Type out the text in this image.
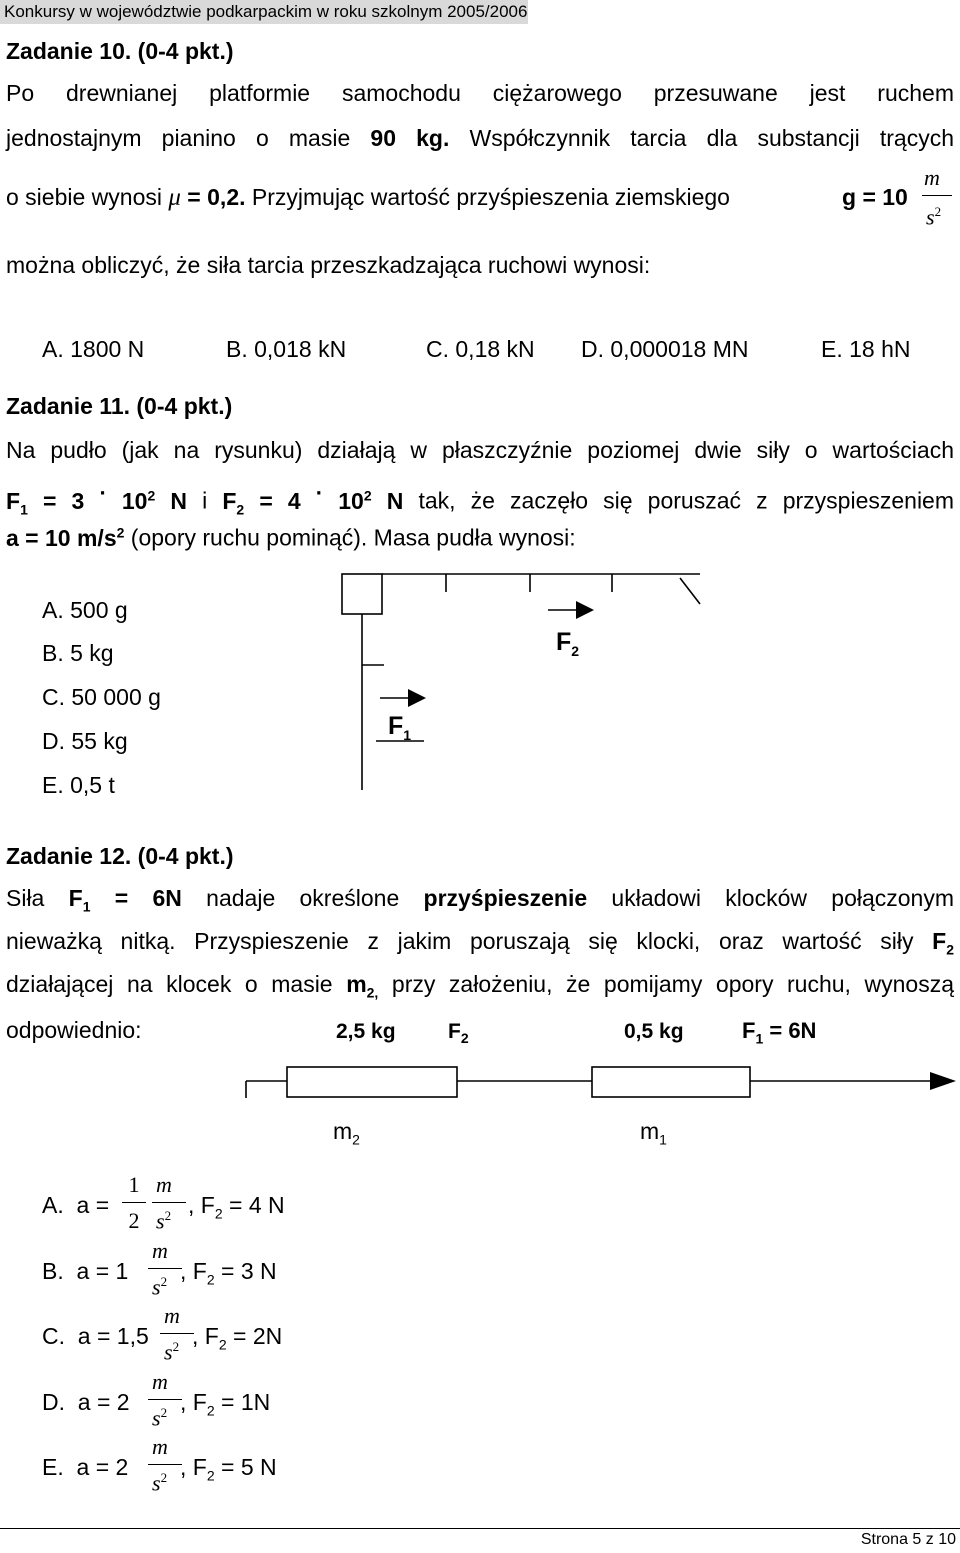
Konkursy w województwie podkarpackim w roku szkolnym 2005/2006
Zadanie 10. (0-4 pkt.)
Po drewnianej platformie samochodu ciężarowego przesuwane jest ruchem
jednostajnym pianino o masie 90 kg. Współczynnik tarcia dla substancji trących
o siebie wynosi μ = 0,2. Przyjmując wartość przyśpieszenia ziemskiego	g = 10
m
$s^2$
można obliczyć, że siła tarcia przeszkadzająca ruchowi wynosi:
A. 1800 N	B. 0,018 kN	C. 0,18 kN D. 0,000018 MN	E. 18 hN
Zadanie 11. (0-4 pkt.)
Na pudło (jak na rysunku) działają w płaszczyźnie poziomej dwie siły o wartościach
$F_1 = 3$ · $10^2$ N i $F_2 = 4$ · $10^2$ N tak, że zaczęło się poruszać z przyspieszeniem
a = 10 $m/s^2$ (opory ruchu pominąć). Masa pudła wynosi:
A. 500 g
B. 5 kg
C. 50 000 g
D. 55 kg
E. 0,5 t
$F_1$
$F_2$
Zadanie 12. (0-4 pkt.)
Siła $F_1 = 6N$ nadaje określone przyśpieszenie układowi klocków połączonym
nieważką nitką. Przyspieszenie z jakim poruszają się klocki, oraz wartość siły $F_2$
działającej na klocek o masie $m_{2,}$ przy założeniu, że pomijamy opory ruchu, wynoszą
odpowiednio:	2,5 kg $F_2$	0,5 kg	$F_1 = 6N$
$m_2$	$m_1$
A. a =
1
2
m
$s^2$ , $F_2 = 4$ N
B. a = 1
m
$s^2$ , $F_2 = 3$ N
C. a = 1,5
m
$s^2$ , $F_2 = 2N$
D. a = 2
m
$s^2$ , $F_2 = 1N$
E. a = 2
m
$s^2$ , $F_2 = 5$ N
Strona 5 z 10
